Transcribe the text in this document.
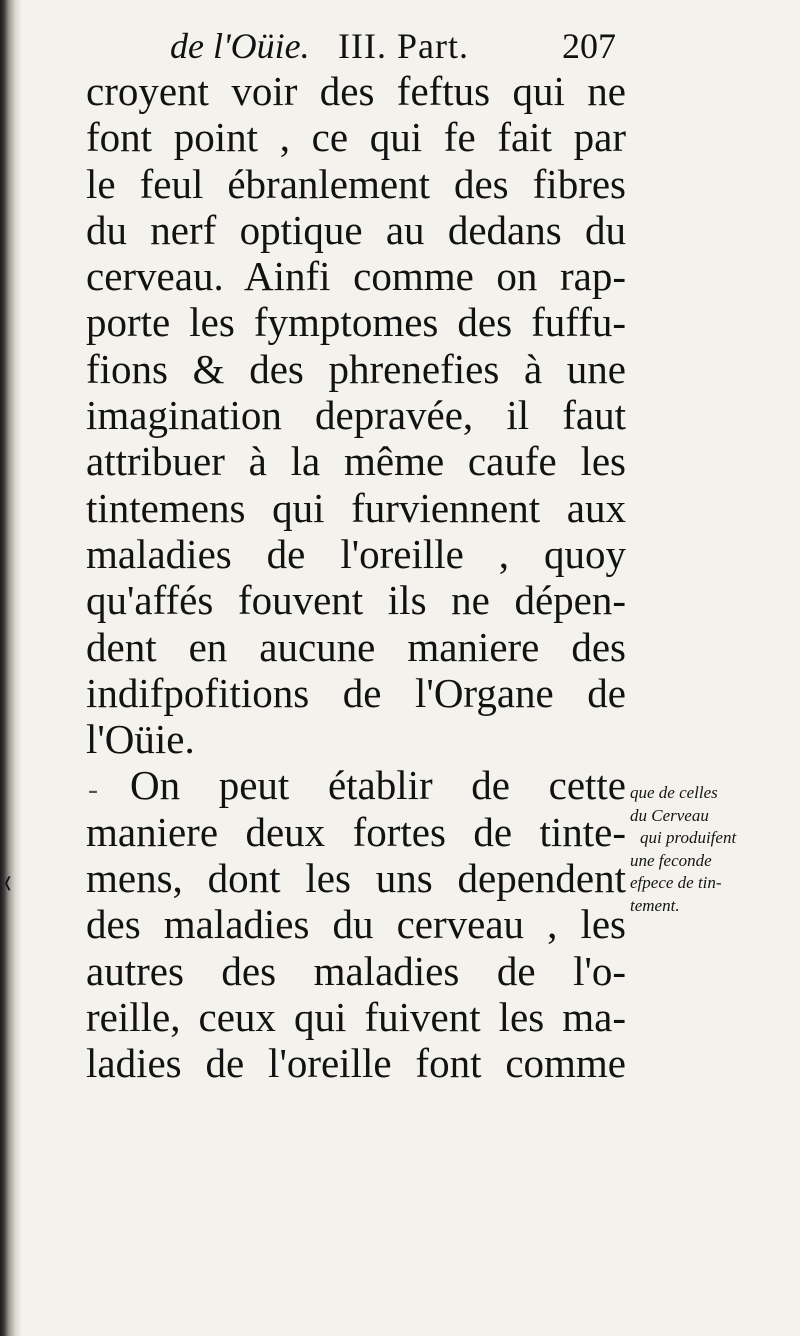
❬
de l'Oüie. III. Part.	207
-
croyent voir des feftus qui ne
font point , ce qui fe fait par
le feul ébranlement des fibres
du nerf optique au dedans du
cerveau. Ainfi comme on rap-
porte les fymptomes des fuffu-
fions & des phrenefies à une
imagination depravée, il faut
attribuer à la même caufe les
tintemens qui furviennent aux
maladies de l'oreille , quoy
qu'affés fouvent ils ne dépen-
dent en aucune maniere des
indifpofitions de l'Organe de
l'Oüie.
On peut établir de cette
maniere deux fortes de tinte-
mens, dont les uns dependent
des maladies du cerveau , les
autres des maladies de l'o-
reille, ceux qui fuivent les ma-
ladies de l'oreille font comme
que de celles
du Cerveau
qui produifent
une feconde
efpece de tin-
tement.
